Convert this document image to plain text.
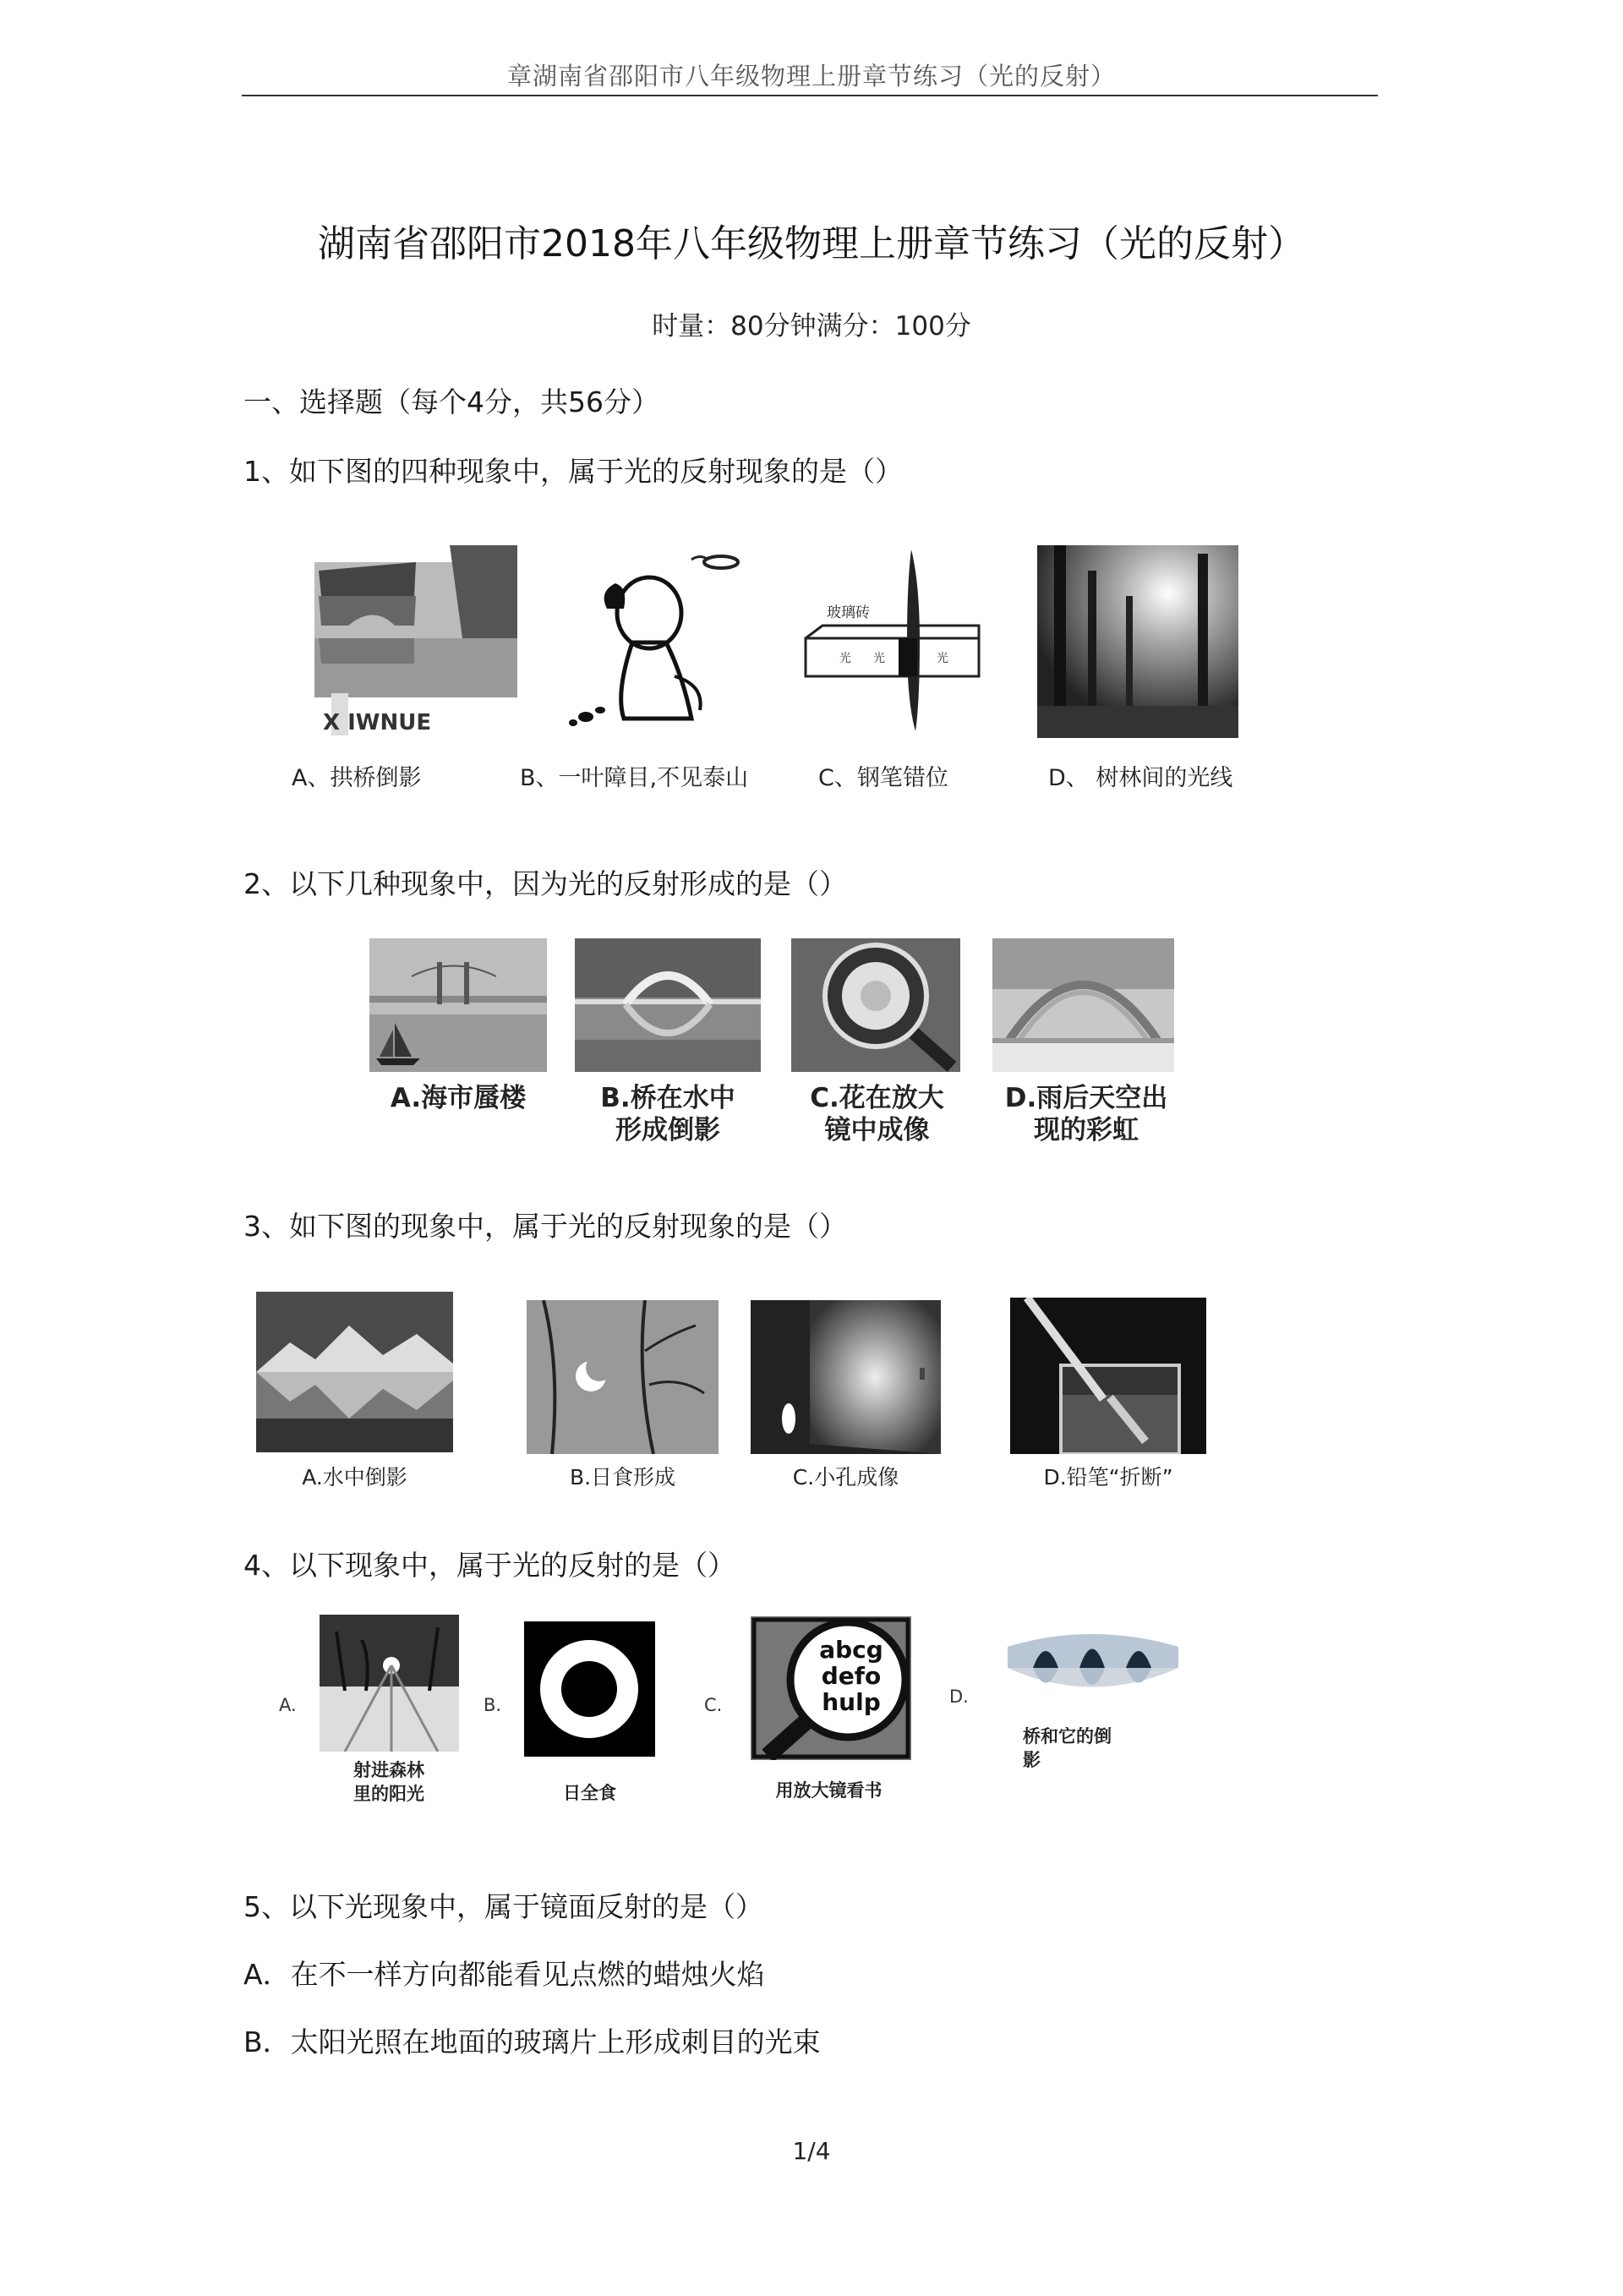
章湖南省邵阳市八年级物理上册章节练习（光的反射）
湖南省邵阳市2018年八年级物理上册章节练习（光的反射）
时量：80分钟满分：100分
一、选择题（每个4分，共56分）
1、如下图的四种现象中，属于光的反射现象的是（）
X IWNUE
光 光	光
玻璃砖
A、拱桥倒影	B、一叶障目,不见泰山	C、钢笔错位	D、 树林间的光线
2、以下几种现象中，因为光的反射形成的是（）
A.海市蜃楼	B.桥在水中
形成倒影
C.花在放大
镜中成像
D.雨后天空出
现的彩虹
3、如下图的现象中，属于光的反射现象的是（）
A.水中倒影	B.日食形成	C.小孔成像	D.铅笔“折断”
4、以下现象中，属于光的反射的是（）
A.
射进森林
里的阳光
B.
日全食
C.
abcg
defo
hulp
用放大镜看书
D.
桥和它的倒
影
5、以下光现象中，属于镜面反射的是（）
A．在不一样方向都能看见点燃的蜡烛火焰
B．太阳光照在地面的玻璃片上形成刺目的光束
1/4
